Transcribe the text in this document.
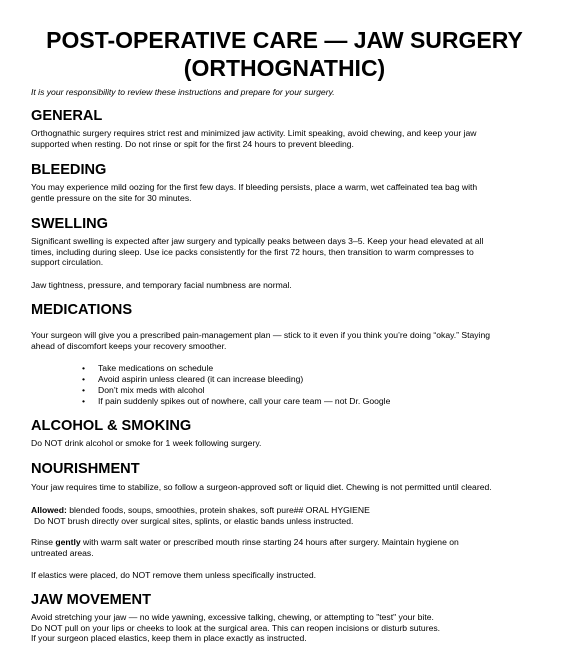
POST-OPERATIVE CARE — JAW SURGERY
(ORTHOGNATHIC)
It is your responsibility to review these instructions and prepare for your surgery.
GENERAL
Orthognathic surgery requires strict rest and minimized jaw activity. Limit speaking, avoid chewing, and keep your jaw
supported when resting. Do not rinse or spit for the first 24 hours to prevent bleeding.
BLEEDING
You may experience mild oozing for the first few days. If bleeding persists, place a warm, wet caffeinated tea bag with
gentle pressure on the site for 30 minutes.
SWELLING
Significant swelling is expected after jaw surgery and typically peaks between days 3–5. Keep your head elevated at all
times, including during sleep. Use ice packs consistently for the first 72 hours, then transition to warm compresses to
support circulation.
Jaw tightness, pressure, and temporary facial numbness are normal.
MEDICATIONS
Your surgeon will give you a prescribed pain-management plan — stick to it even if you think you’re doing “okay.” Staying
ahead of discomfort keeps your recovery smoother.
• Take medications on schedule
• Avoid aspirin unless cleared (it can increase bleeding)
• Don’t mix meds with alcohol
• If pain suddenly spikes out of nowhere, call your care team — not Dr. Google
ALCOHOL & SMOKING
Do NOT drink alcohol or smoke for 1 week following surgery.
NOURISHMENT
Your jaw requires time to stabilize, so follow a surgeon-approved soft or liquid diet. Chewing is not permitted until cleared.
Allowed: blended foods, soups, smoothies, protein shakes, soft pure## ORAL HYGIENE
Do NOT brush directly over surgical sites, splints, or elastic bands unless instructed.
Rinse gently with warm salt water or prescribed mouth rinse starting 24 hours after surgery. Maintain hygiene on
untreated areas.
If elastics were placed, do NOT remove them unless specifically instructed.
JAW MOVEMENT
Avoid stretching your jaw — no wide yawning, excessive talking, chewing, or attempting to "test" your bite.
Do NOT pull on your lips or cheeks to look at the surgical area. This can reopen incisions or disturb sutures.
If your surgeon placed elastics, keep them in place exactly as instructed.
